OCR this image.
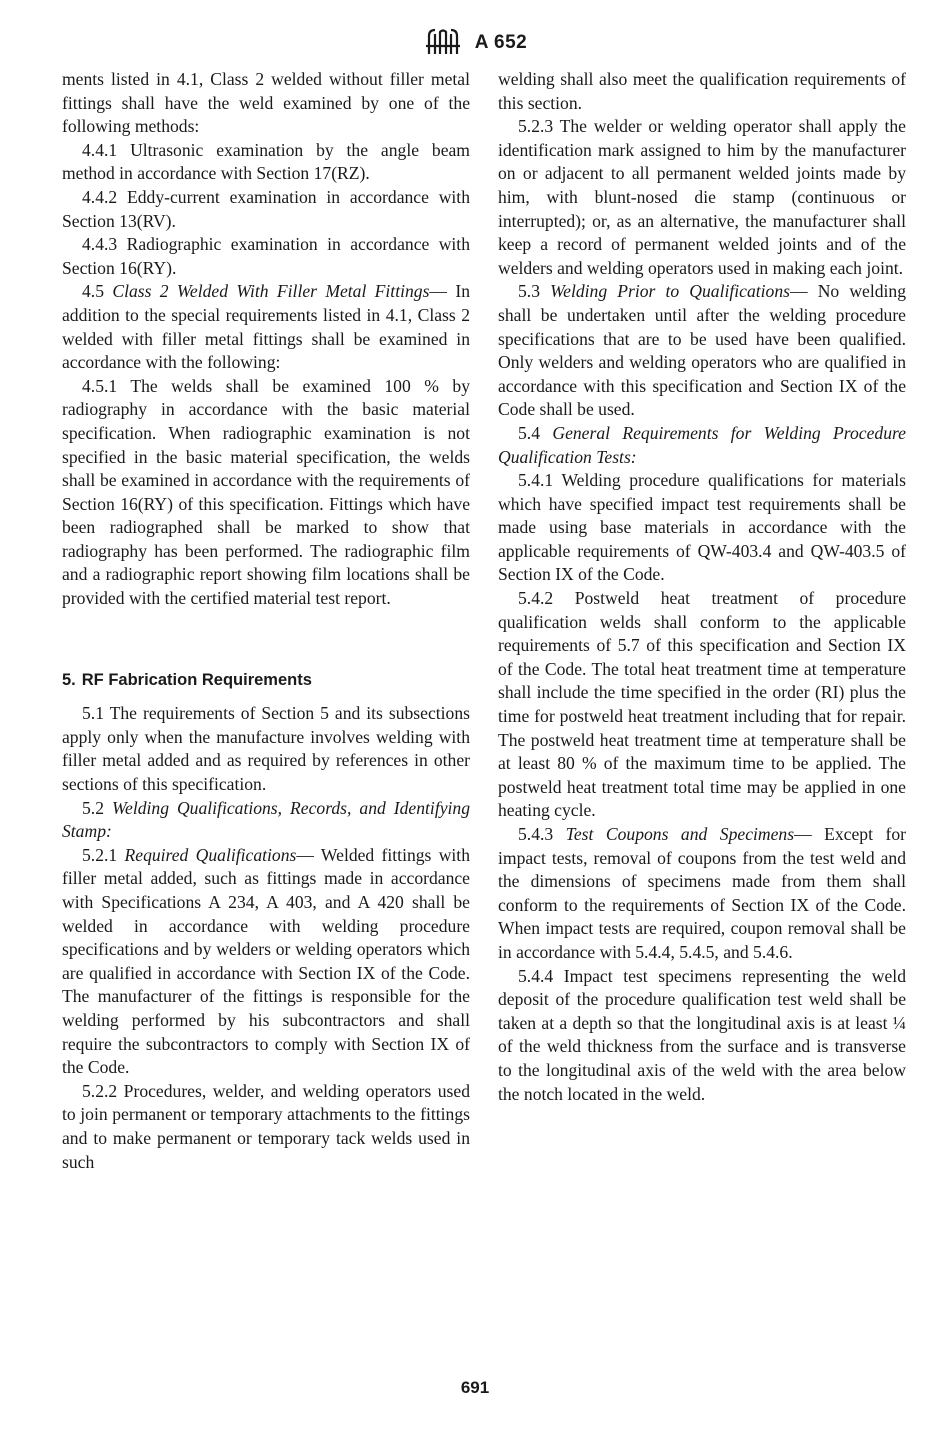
A 652

ments listed in 4.1, Class 2 welded without filler metal fittings shall have the weld examined by one of the following methods:

4.4.1 Ultrasonic examination by the angle beam method in accordance with Section 17(RZ).

4.4.2 Eddy-current examination in accordance with Section 13(RV).

4.4.3 Radiographic examination in accordance with Section 16(RY).

4.5 Class 2 Welded With Filler Metal Fittings— In addition to the special requirements listed in 4.1, Class 2 welded with filler metal fittings shall be examined in accordance with the following:

4.5.1 The welds shall be examined 100 % by radiography in accordance with the basic material specification. When radiographic examination is not specified in the basic material specification, the welds shall be examined in accordance with the requirements of Section 16(RY) of this specification. Fittings which have been radiographed shall be marked to show that radiography has been performed. The radiographic film and a radiographic report showing film locations shall be provided with the certified material test report.

5. RF Fabrication Requirements

5.1 The requirements of Section 5 and its subsections apply only when the manufacture involves welding with filler metal added and as required by references in other sections of this specification.

5.2 Welding Qualifications, Records, and Identifying Stamp:

5.2.1 Required Qualifications— Welded fittings with filler metal added, such as fittings made in accordance with Specifications A 234, A 403, and A 420 shall be welded in accordance with welding procedure specifications and by welders or welding operators which are qualified in accordance with Section IX of the Code. The manufacturer of the fittings is responsible for the welding performed by his subcontractors and shall require the subcontractors to comply with Section IX of the Code.

5.2.2 Procedures, welder, and welding operators used to join permanent or temporary attachments to the fittings and to make permanent or temporary tack welds used in such

welding shall also meet the qualification requirements of this section.

5.2.3 The welder or welding operator shall apply the identification mark assigned to him by the manufacturer on or adjacent to all permanent welded joints made by him, with blunt-nosed die stamp (continuous or interrupted); or, as an alternative, the manufacturer shall keep a record of permanent welded joints and of the welders and welding operators used in making each joint.

5.3 Welding Prior to Qualifications— No welding shall be undertaken until after the welding procedure specifications that are to be used have been qualified. Only welders and welding operators who are qualified in accordance with this specification and Section IX of the Code shall be used.

5.4 General Requirements for Welding Procedure Qualification Tests:

5.4.1 Welding procedure qualifications for materials which have specified impact test requirements shall be made using base materials in accordance with the applicable requirements of QW-403.4 and QW-403.5 of Section IX of the Code.

5.4.2 Postweld heat treatment of procedure qualification welds shall conform to the applicable requirements of 5.7 of this specification and Section IX of the Code. The total heat treatment time at temperature shall include the time specified in the order (RI) plus the time for postweld heat treatment including that for repair. The postweld heat treatment time at temperature shall be at least 80 % of the maximum time to be applied. The postweld heat treatment total time may be applied in one heating cycle.

5.4.3 Test Coupons and Specimens— Except for impact tests, removal of coupons from the test weld and the dimensions of specimens made from them shall conform to the requirements of Section IX of the Code. When impact tests are required, coupon removal shall be in accordance with 5.4.4, 5.4.5, and 5.4.6.

5.4.4 Impact test specimens representing the weld deposit of the procedure qualification test weld shall be taken at a depth so that the longitudinal axis is at least ¼ of the weld thickness from the surface and is transverse to the longitudinal axis of the weld with the area below the notch located in the weld.

691
